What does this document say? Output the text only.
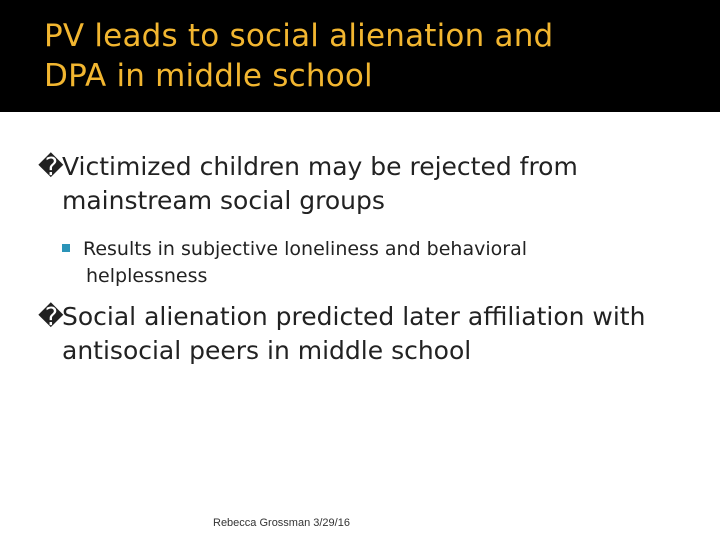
PV leads to social alienation and
DPA in middle school
�Victimized children may be rejected from
mainstream social groups
Results in subjective loneliness and behavioral
helplessness
�Social alienation predicted later affiliation with
antisocial peers in middle school
Rebecca Grossman 3/29/16
